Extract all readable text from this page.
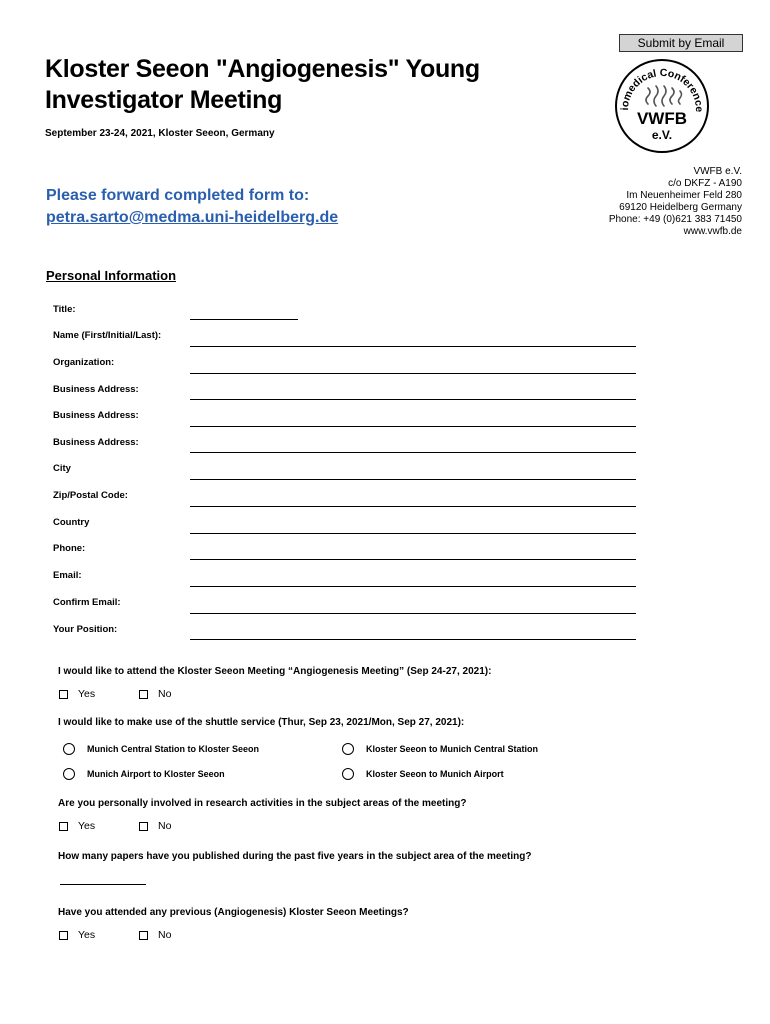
Submit by Email
Kloster Seeon "Angiogenesis" Young
Investigator Meeting
September 23-24, 2021, Kloster Seeon, Germany
iomedical Conference
VWFB
e.V.
VWFB e.V.
c/o DKFZ - A190
Im Neuenheimer Feld 280
69120 Heidelberg Germany
Phone: +49 (0)621 383 71450
www.vwfb.de
Please forward completed form to:
petra.sarto@medma.uni-heidelberg.de
Personal Information
Title:
Name (First/Initial/Last):
Organization:
Business Address:
Business Address:
Business Address:
City
Zip/Postal Code:
Country
Phone:
Email:
Confirm Email:
Your Position:
I would like to attend the Kloster Seeon Meeting “Angiogenesis Meeting” (Sep 24-27, 2021):
Yes	No
I would like to make use of the shuttle service (Thur, Sep 23, 2021/Mon, Sep 27, 2021):
Munich Central Station to Kloster Seeon	Kloster Seeon to Munich Central Station
Munich Airport to Kloster Seeon	Kloster Seeon to Munich Airport
Are you personally involved in research activities in the subject areas of the meeting?
Yes	No
How many papers have you published during the past five years in the subject area of the meeting?
Have you attended any previous (Angiogenesis) Kloster Seeon Meetings?
Yes	No
